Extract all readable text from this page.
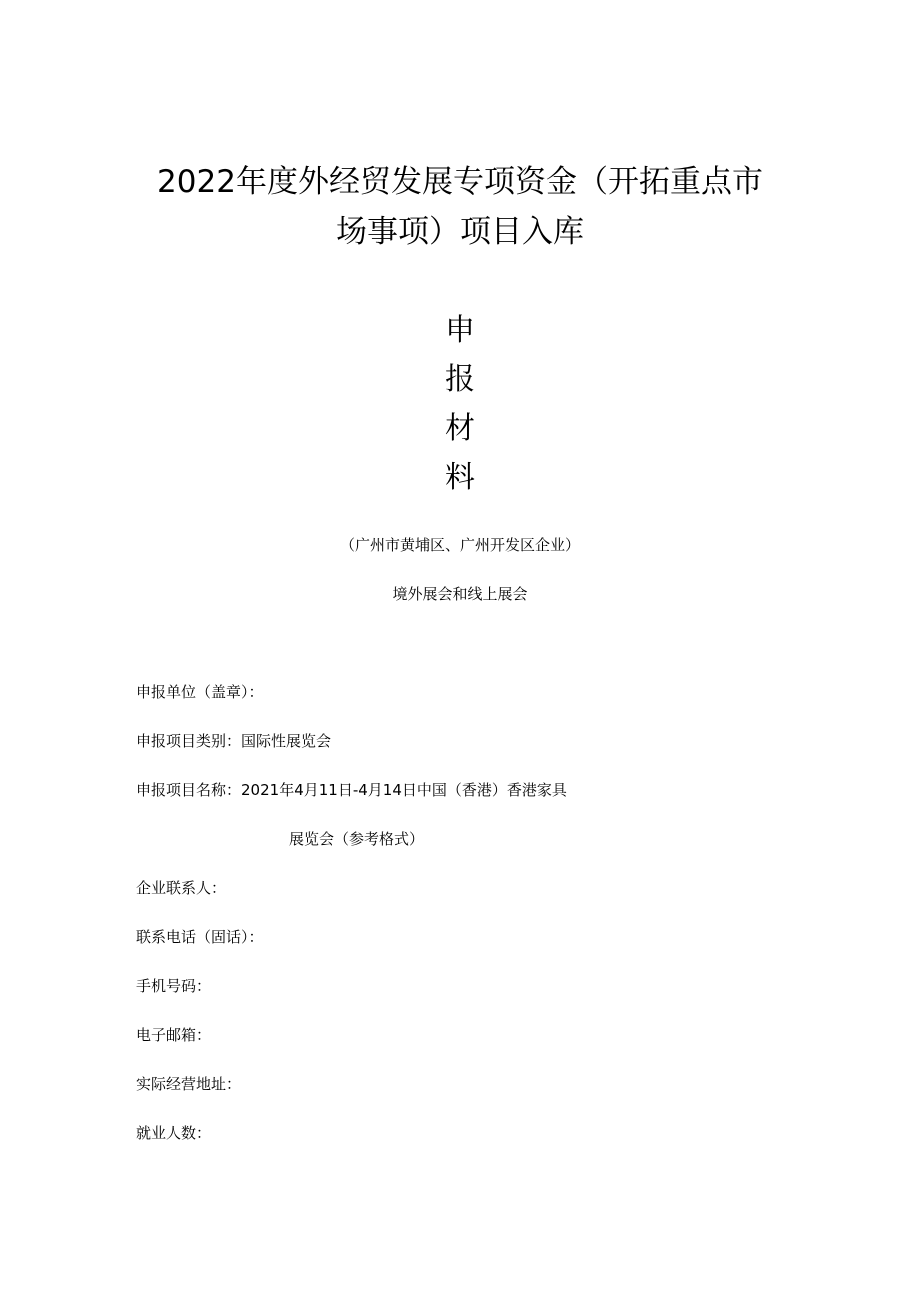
2022年度外经贸发展专项资金（开拓重点市
场事项）项目入库
申
报
材
料
（广州市黄埔区、广州开发区企业）
境外展会和线上展会
申报单位（盖章）：
申报项目类别：国际性展览会
申报项目名称：2021年4月11日-4月14日中国（香港）香港家具
展览会（参考格式）
企业联系人：
联系电话（固话）：
手机号码：
电子邮箱：
实际经营地址：
就业人数：
